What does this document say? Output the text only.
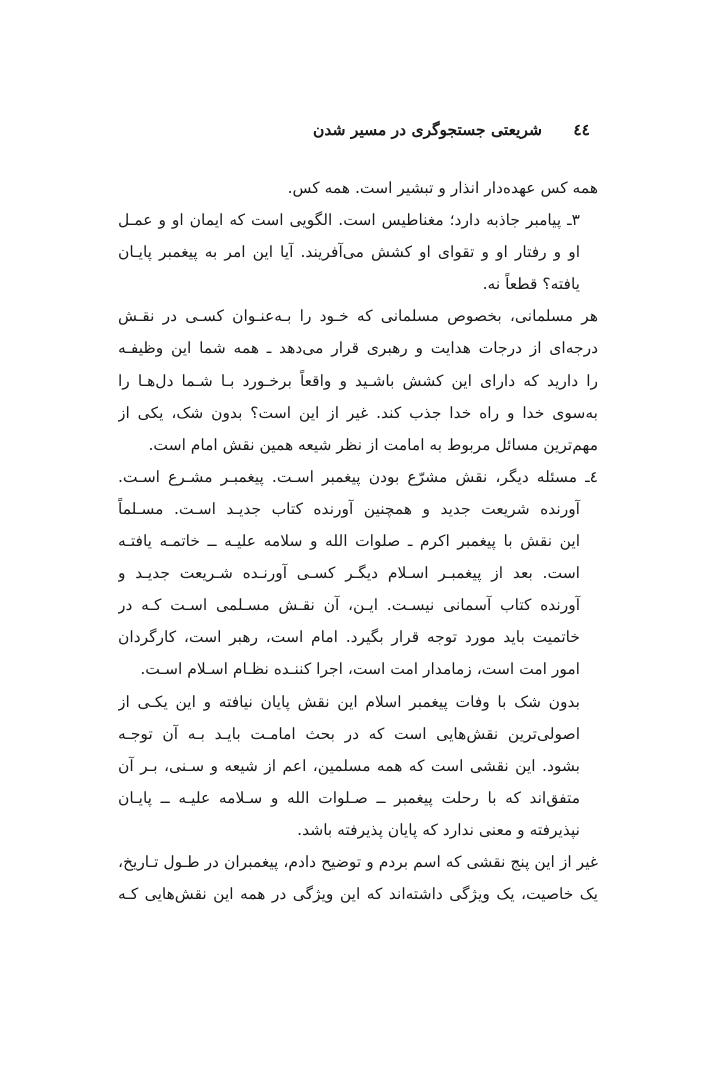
٤٤ شریعتی جستجوگری در مسیر شدن
همه کس عهده‌دار انذار و تبشیر است. همه کس.
٣ـ پیامبر جاذبه دارد؛ مغناطیس است. الگویی است که ایمان او و عمـل
او و رفتار او و تقوای او کشش می‌آفریند. آیا این امر به پیغمبر پایـان
یافته؟ قطعاً نه.
هر مسلمانی، بخصوص مسلمانی که خـود را بـه‌عنـوان کسـی در نقـش
درجه‌ای از درجات هدایت و رهبری قرار می‌دهد ـ همه شما این وظیفـه
را دارید که دارای این کشش باشـید و واقعاً برخـورد بـا شـما دل‌هـا را
به‌سوی خدا و راه خدا جذب کند. غیر از این است؟ بدون شک، یکی از
مهم‌ترین مسائل مربوط به امامت از نظر شیعه همین نقش امام است.
٤ـ مسئله دیگر، نقش مشرّع بودن پیغمبر اسـت. پیغمبـر مشـرع اسـت.
آورنده شریعت جدید و همچنین آورنده کتاب جدیـد اسـت. مسـلماً
این نقش با پیغمبر اکرم ـ صلوات الله و سلامه علیـه ــ خاتمـه یافتـه
است. بعد از پیغمبـر اسـلام دیگـر کسـی آورنـده شـریعت جدیـد و
آورنده کتاب آسمانی نیسـت. ایـن، آن نقـش مسـلمی اسـت کـه در
خاتمیت باید مورد توجه قرار بگیرد. امام است، رهبر است، کارگردان
امور امت است، زمامدار امت است، اجرا کننـده نظـام اسـلام اسـت.
بدون شک با وفات پیغمبر اسلام این نقش پایان نیافته و این یکـی از
اصولی‌ترین نقش‌هایی است که در بحث امامـت بایـد بـه آن توجـه
بشود. این نقشی است که همه مسلمین، اعم از شیعه و سـنی، بـر آن
متفق‌اند که با رحلت پیغمبر ــ صـلوات الله و سـلامه علیـه ــ پایـان
نپذیرفته و معنی ندارد که پایان پذیرفته باشد.
غیر از این پنج نقشی که اسم بردم و توضیح دادم، پیغمبران در طـول تـاریخ،
یک خاصیت، یک ویژگی داشته‌اند که این ویژگی در همه این نقش‌هایی کـه
